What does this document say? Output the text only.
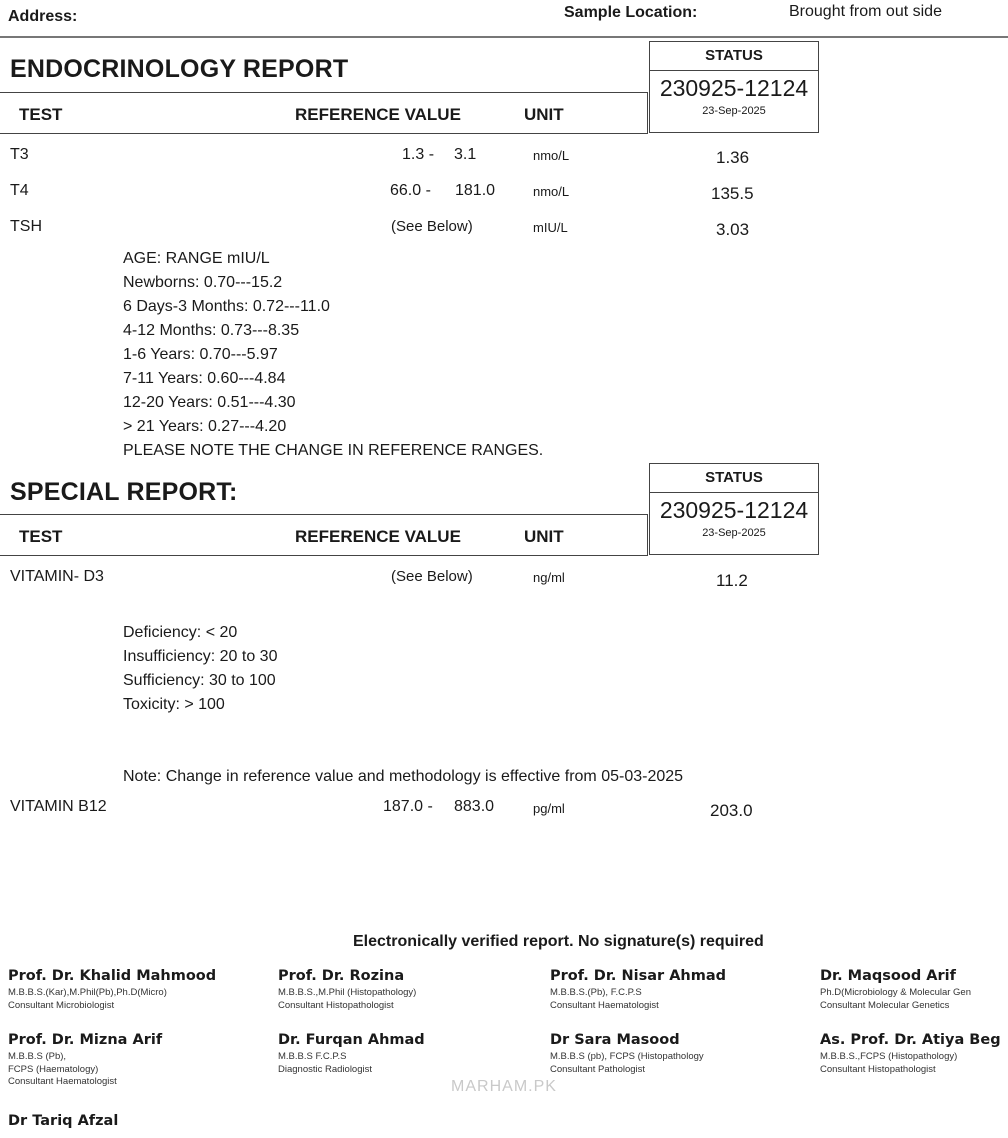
Address:	Sample Location:	Brought from out side
ENDOCRINOLOGY REPORT	STATUS
230925-12124
23-Sep-2025
TEST	REFERENCE VALUE	UNIT
T3	1.3 - 3.1	nmo/L	1.36
T4	66.0 - 181.0	nmo/L	135.5
TSH	(See Below)	mIU/L	3.03
AGE: RANGE mIU/L
Newborns: 0.70---15.2
6 Days-3 Months: 0.72---11.0
4-12 Months: 0.73---8.35
1-6 Years: 0.70---5.97
7-11 Years: 0.60---4.84
12-20 Years: 0.51---4.30
> 21 Years: 0.27---4.20
PLEASE NOTE THE CHANGE IN REFERENCE RANGES.
SPECIAL REPORT:
STATUS
230925-12124
23-Sep-2025
TEST	REFERENCE VALUE	UNIT
VITAMIN- D3	(See Below)	ng/ml	11.2
Deficiency: < 20
Insufficiency: 20 to 30
Sufficiency: 30 to 100
Toxicity: > 100
Note: Change in reference value and methodology is effective from 05-03-2025
VITAMIN B12	187.0 - 883.0	pg/ml	203.0
Electronically verified report. No signature(s) required
Prof. Dr. Khalid Mahmood
M.B.B.S.(Kar),M.Phil(Pb),Ph.D(Micro)
Consultant Microbiologist
Prof. Dr. Rozina
M.B.B.S.,M.Phil (Histopathology)
Consultant Histopathologist
Prof. Dr. Nisar Ahmad
M.B.B.S.(Pb), F.C.P.S
Consultant Haematologist
Dr. Maqsood Arif
Ph.D(Microbiology & Molecular Gen
Consultant Molecular Genetics
Prof. Dr. Mizna Arif
M.B.B.S (Pb),
FCPS (Haematology)
Consultant Haematologist
Dr. Furqan Ahmad
M.B.B.S F.C.P.S
Diagnostic Radiologist
Dr Sara Masood
M.B.B.S (pb), FCPS (Histopathology
Consultant Pathologist
As. Prof. Dr. Atiya Beg
M.B.B.S.,FCPS (Histopathology)
Consultant Histopathologist
Dr Tariq Afzal
MARHAM.PK
